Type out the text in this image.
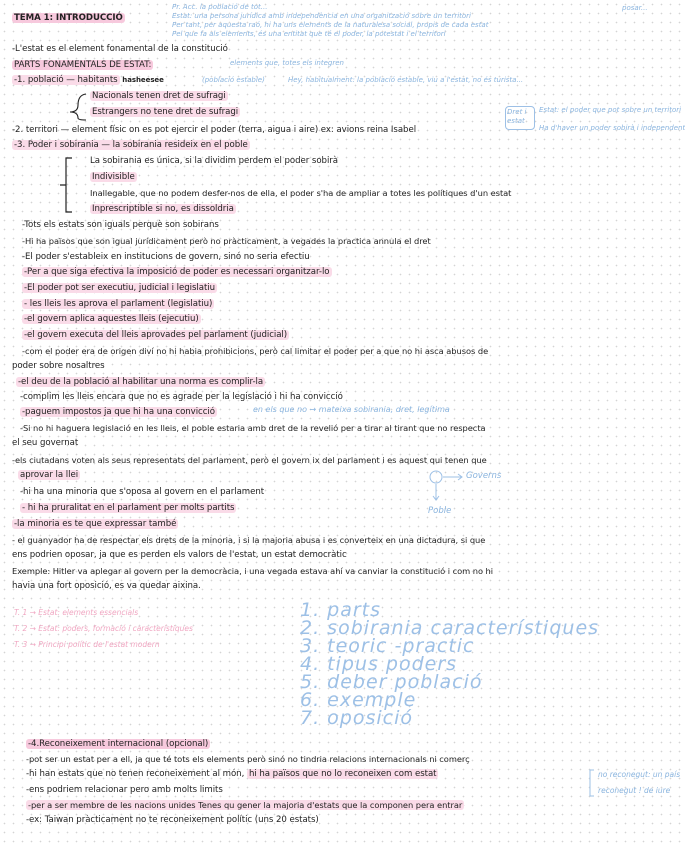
TEMA 1: INTRODUCCIÓ
posar...
Pr. Acc. la població de tot...
Estat: una persona jurídica amb independència en una organització sobre un territori
Per tant, per aquesta raó, hi ha uns elements de la naturalesa social, propis de cada estat
Pel que fa als elements, és una entitat que té el poder, la potestat i el territori
elements que, totes els integren
(població estable)	Hey, habitualment: la població estable, viu a l'estat, no és turista...
Dret i estat
Estat: el poder que pot sobre un territori
Ha d'haver un poder sobirà i independent
en els que no → mateixa sobirania, dret, legítima
Governs
Poble
T. 1 → Estat: elements essencials
T. 2 → Estat: poders, formació i característiques
T. 3 → Principi polític de l'estat modern
1. parts
2. sobirania característiques
3. teoric -practic
4. tipus poders
5. deber població
6. exemple
7. oposició
no reconegut: un país
reconegut ! de iure
-L'estat es el element fonamental de la constitució
PARTS FONAMENTALS DE ESTAT:
-1. població — habitants hasheesee
Nacionals tenen dret de sufragi
Estrangers no tene dret de sufragi
-2. territori — element físic on es pot ejercir el poder (terra, aigua i aire) ex: avions reina Isabel
-3. Poder i sobirania — la sobirania resideix en el poble
La sobirania es única, si la dividim perdem el poder sobirà
Indivisible
Inallegable, que no podem desfer-nos de ella, el poder s'ha de ampliar a totes les polítiques d'un estat
Inprescriptible si no, es dissoldria
-Tots els estats son iguals perquè son sobirans
-Hi ha països que son igual jurídicament però no pràcticament, a vegades la practica annula el dret
-El poder s'estableix en institucions de govern, sinó no seria efectiu
-Per a que siga efectiva la imposició de poder es necessari organitzar-lo
-El poder pot ser executiu, judicial i legislatiu
- les lleis les aprova el parlament (legislatiu)
-el govern aplica aquestes lleis (ejecutiu)
-el govern executa del lleis aprovades pel parlament (judicial)
-com el poder era de origen diví no hi habia prohibicions, però cal limitar el poder per a que no hi asca abusos de
poder sobre nosaltres
-el deu de la població al habilitar una norma es complir-la
-complim les lleis encara que no es agrade per la legislació i hi ha convicció
-paguem impostos ja que hi ha una convicció
-Si no hi haguera legislació en les lleis, el poble estaria amb dret de la revelió per a tirar al tirant que no respecta
el seu governat
-els ciutadans voten als seus representats del parlament, però el govern ix del parlament i es aquest qui tenen que
aprovar la llei
-hi ha una minoria que s'oposa al govern en el parlament
- hi ha pruralitat en el parlament per molts partits
-la minoria es te que expressar també
- el guanyador ha de respectar els drets de la minoria, i si la majoria abusa i es converteix en una dictadura, si que
ens podrien oposar, ja que es perden els valors de l'estat, un estat democràtic
Exemple: Hitler va aplegar al govern per la democràcia, i una vegada estava ahí va canviar la constitució i com no hi
havia una fort oposició, es va quedar aixina.
-4.Reconeixement internacional (opcional)
-pot ser un estat per a ell, ja que té tots els elements però sinó no tindria relacions internacionals ni comerç
-hi han estats que no tenen reconeixement al món, hi ha països que no lo reconeixen com estat
-ens podriem relacionar pero amb molts limits
-per a ser membre de les nacions unides Tenes qu gener la majoria d'estats que la componen pera entrar
-ex: Taiwan pràcticament no te reconeixement polític (uns 20 estats)
